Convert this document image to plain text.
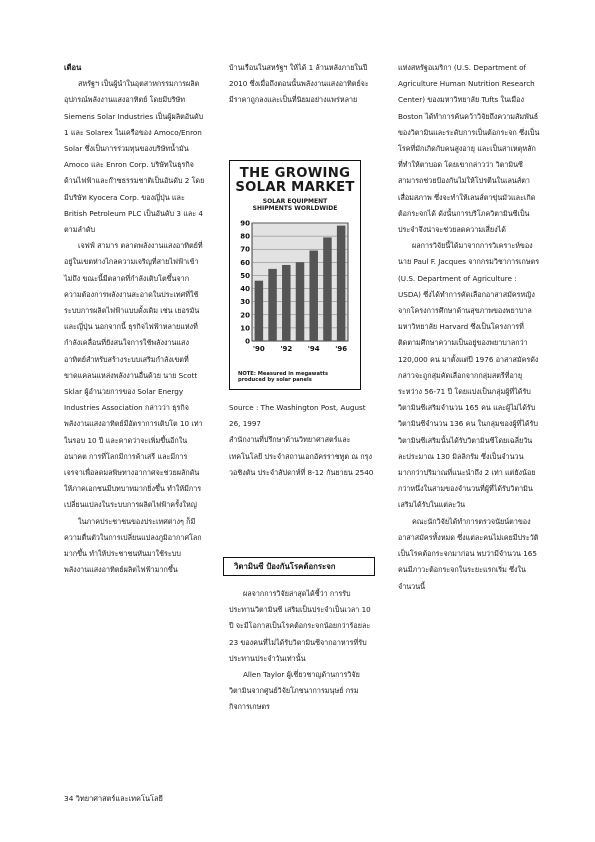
เดือน

สหรัฐฯ เป็นผู้นำในอุตสาหกรรมการผลิตอุปกรณ์พลังงานแสงอาทิตย์ โดยมีบริษัท Siemens Solar Industries เป็นผู้ผลิตอันดับ 1 และ Solarex ในเครือของ Amoco/Enron Solar ซึ่งเป็นการร่วมทุนของบริษัทน้ำมัน Amoco และ Enron Corp. บริษัทในธุรกิจด้านไฟฟ้าและก๊าซธรรมชาติเป็นอันดับ 2 โดยมีบริษัท Kyocera Corp. ของญี่ปุ่น และ British Petroleum PLC เป็นอันดับ 3 และ 4 ตามลำดับ

เจฟฟ์ สามาร ตลาดพลังงานแสงอาทิตย์ที่อยู่ในเขตห่างไกลความเจริญที่สายไฟฟ้าเข้าไม่ถึง ขณะนี้มีตลาดที่กำลังเติบโตขึ้นจากความต้องการพลังงานสะอาดในประเทศที่ใช้ระบบการผลิตไฟฟ้าแบบดั้งเดิม เช่น เยอรมันและญี่ปุ่น นอกจากนี้ ธุรกิจไฟฟ้าหลายแห่งที่กำลังเคลื่อนที่ยังสนใจการใช้พลังงานแสงอาทิตย์สำหรับสร้างระบบเสริมกำลังเขตที่ขาดแคลนแหล่งพลังงานอื่นด้วย นาย Scott Sklar ผู้อำนวยการของ Solar Energy Industries Association กล่าวว่า ธุรกิจพลังงานแสงอาทิตย์มีอัตราการเติบโต 10 เท่าในรอบ 10 ปี และคาดว่าจะเพิ่มขึ้นอีกในอนาคต การที่โลกมีการค้าเสรี และมีการเจรจาเพื่อลดมลพิษทางอากาศจะช่วยผลักดันให้ภาคเอกชนมีบทบาทมากยิ่งขึ้น ทำให้มีการเปลี่ยนแปลงในระบบการผลิตไฟฟ้าครั้งใหญ่

ในภาคประชาชนของประเทศต่างๆ ก็มีความตื่นตัวในการเปลี่ยนแปลงภูมิอากาศโลกมากขึ้น ทำให้ประชาชนหันมาใช้ระบบพลังงานแสงอาทิตย์ผลิตไฟฟ้ามากขึ้น

บ้านเรือนในสหรัฐฯ ให้ได้ 1 ล้านหลังภายในปี 2010 ซึ่งเมื่อถึงตอนนั้นพลังงานแสงอาทิตย์จะมีราคาถูกลงและเป็นที่นิยมอย่างแพร่หลาย

THE GROWING
SOLAR MARKET
SOLAR EQUIPMENT
SHIPMENTS WORLDWIDE
0
10
20
30
40
50
60
70
80
90
'90 '92 '94 '96
NOTE: Measured in megawatts produced by solar panels

Source : The Washington Post, August 26, 1997

สำนักงานที่ปรึกษาด้านวิทยาศาสตร์และเทคโนโลยี ประจำสถานเอกอัครราชทูต ณ กรุงวอชิงตัน ประจำสัปดาห์ที่ 8-12 กันยายน 2540

วิตามินซี ป้องกันโรคต้อกระจก

ผลจากการวิจัยล่าสุดได้ชี้ว่า การรับประทานวิตามินซี เสริมเป็นประจำเป็นเวลา 10 ปี จะมีโอกาสเป็นโรคต้อกระจกน้อยกว่าร้อยละ 23 ของคนที่ไม่ได้รับวิตามินซีจากอาหารที่รับประทานประจำวันเท่านั้น

Allen Taylor ผู้เชี่ยวชาญด้านการวิจัยวิตามินจากศูนย์วิจัยโภชนาการมนุษย์ กรมกิจการเกษตร

แห่งสหรัฐอเมริกา (U.S. Department of Agriculture Human Nutrition Research Center) ของมหาวิทยาลัย Tufts ในเมือง Boston ได้ทำการค้นคว้าวิจัยถึงความสัมพันธ์ของวิตามินและระดับการเป็นต้อกระจก ซึ่งเป็นโรคที่มักเกิดกับคนสูงอายุ และเป็นสาเหตุหลักที่ทำให้ตาบอด โดยเขากล่าวว่า วิตามินซีสามารถช่วยป้องกันไม่ให้โปรตีนในเลนส์ตาเสื่อมสภาพ ซึ่งจะทำให้เลนส์ตาขุ่นมัวและเกิดต้อกระจกได้ ดังนั้นการบริโภควิตามินซีเป็นประจำจึงน่าจะช่วยลดความเสี่ยงได้

ผลการวิจัยนี้ได้มาจากการวิเคราะห์ของนาย Paul F. Jacques จากกรมวิชาการเกษตร (U.S. Department of Agriculture : USDA) ซึ่งได้ทำการคัดเลือกอาสาสมัครหญิงจากโครงการศึกษาด้านสุขภาพของพยาบาลมหาวิทยาลัย Harvard ซึ่งเป็นโครงการที่ติดตามศึกษาความเป็นอยู่ของพยาบาลกว่า 120,000 คน มาตั้งแต่ปี 1976 อาสาสมัครดังกล่าวจะถูกสุ่มคัดเลือกจากกลุ่มสตรีที่อายุระหว่าง 56-71 ปี โดยแบ่งเป็นกลุ่มผู้ที่ได้รับวิตามินซีเสริมจำนวน 165 คน และผู้ไม่ได้รับวิตามินซีจำนวน 136 คน ในกลุ่มของผู้ที่ได้รับวิตามินซีเสริมนั้นได้รับวิตามินซีโดยเฉลี่ยวันละประมาณ 130 มิลลิกรัม ซึ่งเป็นจำนวนมากกว่าปริมาณที่แนะนำถึง 2 เท่า แต่ยังน้อยกว่าหนึ่งในสามของจำนวนที่ผู้ที่ได้รับวิตามินเสริมได้รับในแต่ละวัน

คณะนักวิจัยได้ทำการตรวจนัยน์ตาของอาสาสมัครทั้งหมด ซึ่งแต่ละคนไม่เคยมีประวัติเป็นโรคต้อกระจกมาก่อน พบว่ามีจำนวน 165 คนมีภาวะต้อกระจกในระยะแรกเริ่ม ซึ่งในจำนวนนี้

34 วิทยาศาสตร์และเทคโนโลยี
